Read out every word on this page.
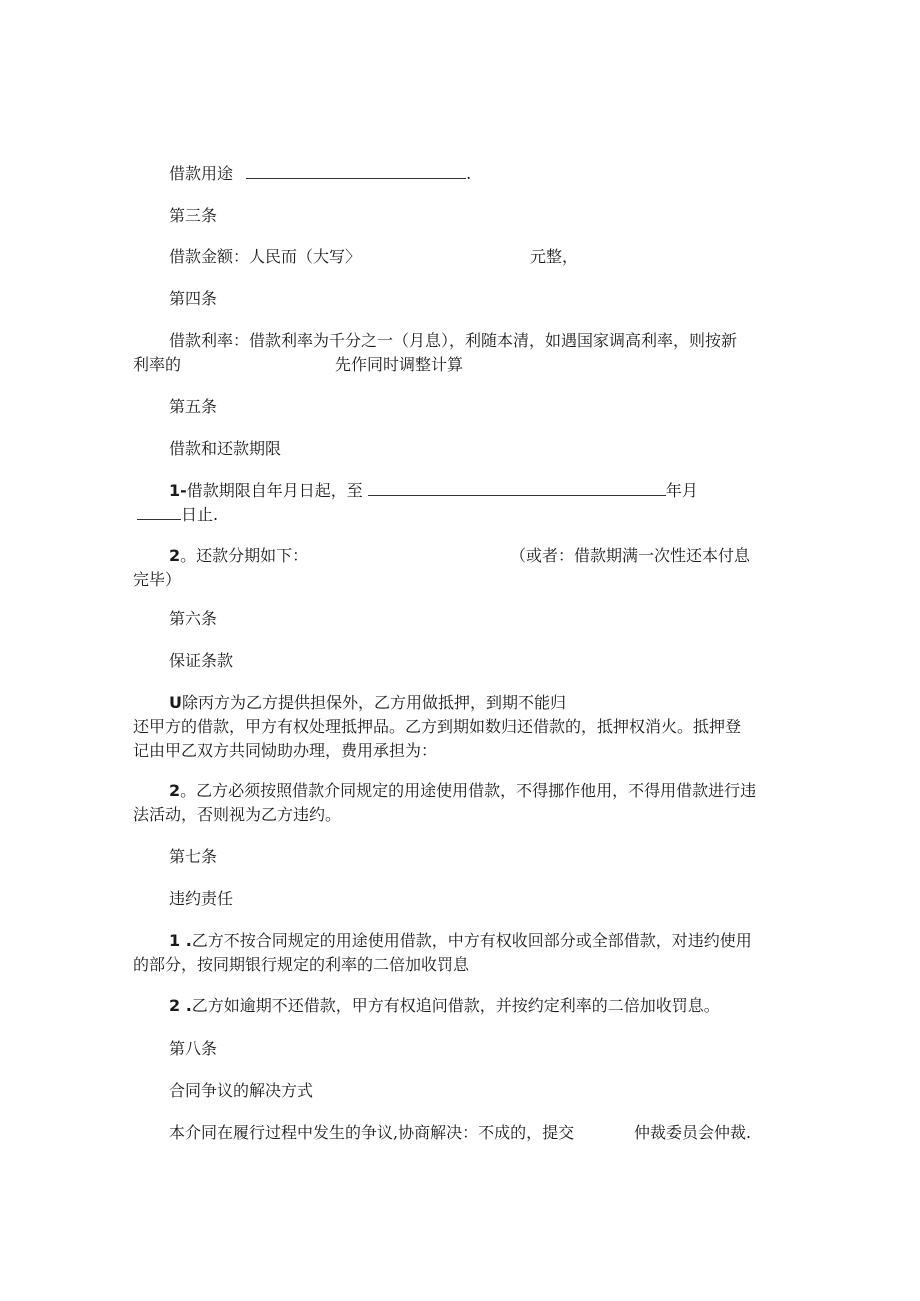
借款用途	.
第三条
借款金额：人民而（大写〉	元整，
第四条
借款利率：借款利率为千分之一（月息），利随本清，如遇国家调高利率，则按新
利率的	先作同时调整计算
第五条
借款和还款期限
1-借款期限自年月日起，至	年月
日止.
2。还款分期如下：	（或者：借款期满一次性还本付息
完毕）
第六条
保证条款
U除丙方为乙方提供担保外，乙方用做抵押，到期不能归
还甲方的借款，甲方有权处理抵押品。乙方到期如数归还借款的，抵押权消火。抵押登
记由甲乙双方共同恸助办理，费用承担为：
2。乙方必须按照借款介同规定的用途使用借款，不得挪作他用，不得用借款进行违
法活动，否则视为乙方违约。
第七条
违约责任
1 .乙方不按合同规定的用途使用借款，中方有权收回部分或全部借款，对违约使用
的部分，按同期银行规定的利率的二倍加收罚息
2 .乙方如逾期不还借款，甲方有权追问借款，并按约定利率的二倍加收罚息。
第八条
合同争议的解决方式
本介同在履行过程中发生的争议,协商解决：不成的，提交	仲裁委员会仲裁.
